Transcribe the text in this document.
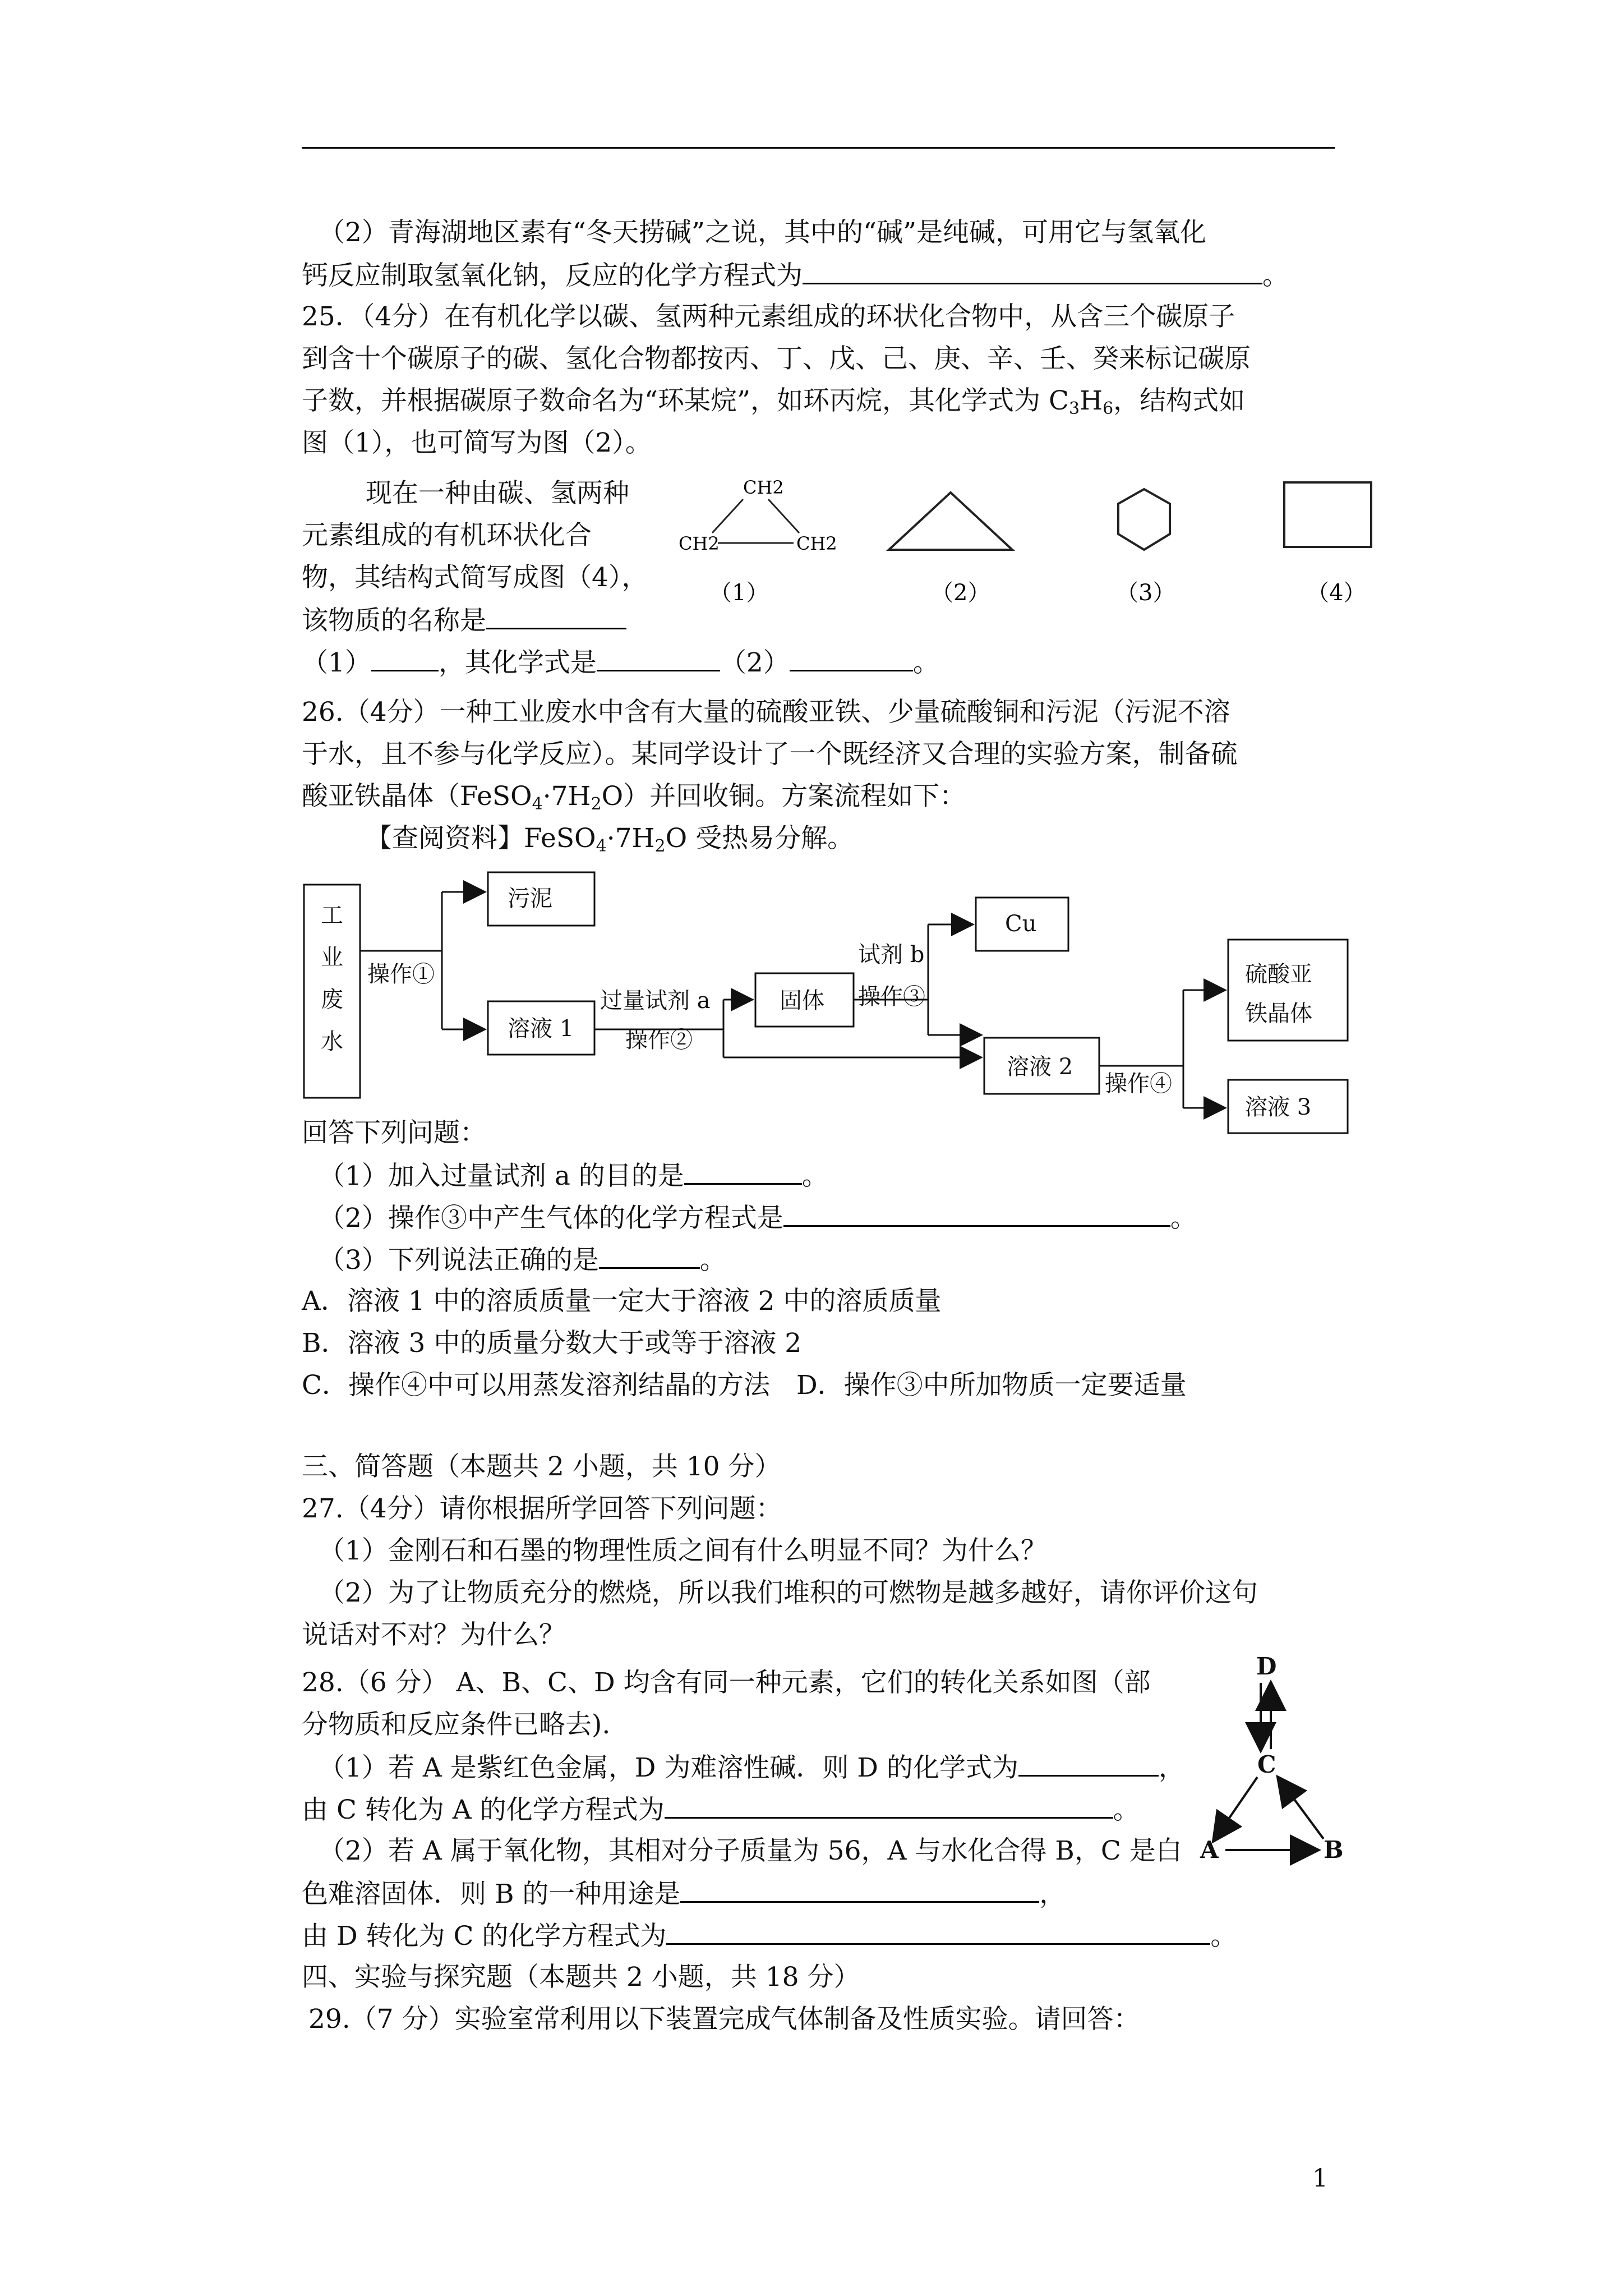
（2）青海湖地区素有“冬天捞碱”之说，其中的“碱”是纯碱，可用它与氢氧化
钙反应制取氢氧化钠，反应的化学方程式为	。
25．（4分）在有机化学以碳、氢两种元素组成的环状化合物中，从含三个碳原子
到含十个碳原子的碳、氢化合物都按丙、丁、戊、己、庚、辛、壬、癸来标记碳原
子数，并根据碳原子数命名为“环某烷”，如环丙烷，其化学式为 $C_3H_6$，结构式如
图（1），也可简写为图（2）。
现在一种由碳、氢两种
元素组成的有机环状化合
物，其结构式简写成图（4），
该物质的名称是
（1）	，其化学式是	（2）	。
CH2
CH2	CH2
（1）	（2）	（3）	（4）
26.（4分）一种工业废水中含有大量的硫酸亚铁、少量硫酸铜和污泥（污泥不溶
于水，且不参与化学反应）。某同学设计了一个既经济又合理的实验方案，制备硫
酸亚铁晶体$(FeSO_4\cdot 7H_2O)$并回收铜。方案流程如下：
【查阅资料】$FeSO_4\cdot 7H_2O$ 受热易分解。
工
业
废
水
操作①
污泥
溶液 1
过量试剂 a
操作②
固体
试剂 b
操作③
Cu
溶液 2
操作④
硫酸亚
铁晶体
溶液 3
回答下列问题：
（1）加入过量试剂 a 的目的是	。
（2）操作③中产生气体的化学方程式是	。
（3）下列说法正确的是	。
A．溶液 1 中的溶质质量一定大于溶液 2 中的溶质质量
B．溶液 3 中的质量分数大于或等于溶液 2
C．操作④中可以用蒸发溶剂结晶的方法　D．操作③中所加物质一定要适量
三、简答题（本题共 2 小题，共 10 分）
27.（4分）请你根据所学回答下列问题：
（1）金刚石和石墨的物理性质之间有什么明显不同？为什么？
（2）为了让物质充分的燃烧，所以我们堆积的可燃物是越多越好，请你评价这句
说话对不对？为什么？
28.（6 分） A、B、C、D 均含有同一种元素，它们的转化关系如图（部
分物质和反应条件已略去).
（1）若 A 是紫红色金属，D 为难溶性碱．则 D 的化学式为	，
由 C 转化为 A 的化学方程式为	。
（2）若 A 属于氧化物，其相对分子质量为 56，A 与水化合得 B，C 是白
色难溶固体．则 B 的一种用途是	，
由 D 转化为 C 的化学方程式为	。
D
C
A	B
四、实验与探究题（本题共 2 小题，共 18 分）
29.（7 分）实验室常利用以下装置完成气体制备及性质实验。请回答：
1
